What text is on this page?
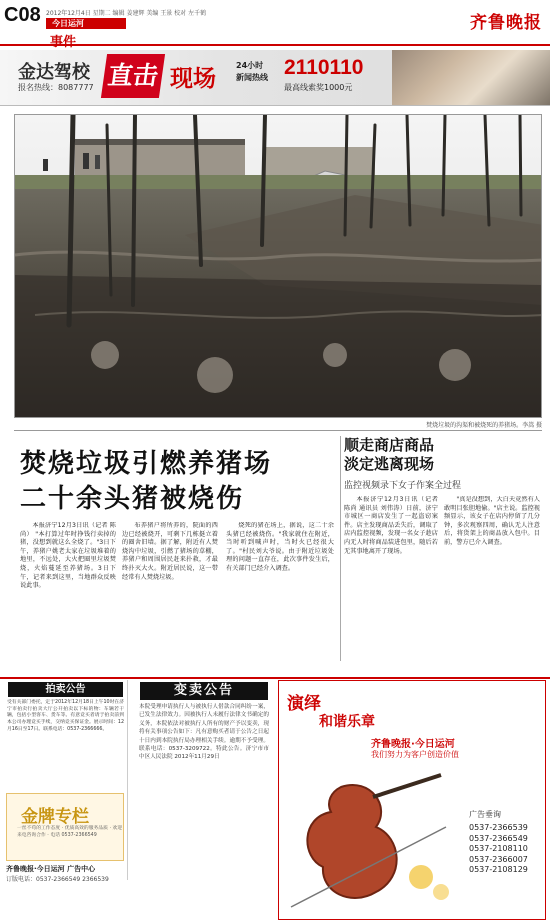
C08 2012年12月4日 星期二 编辑 姜建辉 美编 王景 校对 左千鹤
今日运河
事件
齐鲁晚报
金达驾校
报名热线：8087777 直击 现场
24小时
新闻热线 2110110
最高线索奖1000元
焚烧垃圾的沟渠和被烧死的养猪场。李嵩 摄
焚烧垃圾引燃养猪场
二十余头猪被烧伤
顺走商店商品
淡定逃离现场
监控视频录下女子作案全过程

本报济宁12月3日讯（记者 陈尚） "本打算过年时挣钱行卖掉的猪，没想到就这么全烧了。"3日下午，养猪户姚老太家在垃圾堆着的地里，不远处，大火把圈里垃圾焚烧，火焰蔓延至养猪场。3日下午，记者来到这里，当地群众反映说此事。

布养猪户将所养的，院面的西边已经被烧开，可剩下几栋挺立着的圈舍旧墙。据了解，附近有人焚烧沟中垃圾，引燃了猪场的草棚，养猪户和周围居民赶来扑救，才最终扑灭大火。附近居民说，这一带经常有人焚烧垃圾。

烧死的猪在场上，据说，这二十余头猪已经被烧伤。"我家就住在附近，当时听到喊声时，当时火已经很大了。"村民刘大爷说。由于附近垃圾处理的问题一直存在，此次事件发生后，有关部门已经介入调查。

本报济宁12月3日讯（记者 陈尚 通讯员 刘伟涛）日前，济宁市城区一商店发生了一起盗窃案件。店主发现商品丢失后，调取了店内监控视频，发现一名女子趁店内无人时将商品装进包里，随后若无其事地离开了现场。

"真是没想到，大白天竟然有人敢明目张胆地偷。"店主说。监控视频显示，该女子在店内停留了几分钟，多次观察四周，确认无人注意后，将货架上的商品放入包中。目前，警方已介入调查。

拍卖公告
受有关部门委托，定于2012年12月18日上午10时在济宁市拍卖行拍卖大厅公开拍卖以下标的物：车辆若干辆，包括小型客车、货车等。有意竞买者请于拍卖前到本公司办理竞买手续，交纳竞买保证金。展示时间：12月16日至17日。联系电话：0537-2366666。
金牌专栏
一丝不苟的工作态度 · 优质高效的服务品质 · 欢迎来电咨询合作 · 电话 0537-2366549
齐鲁晚报·今日运河 广告中心
订版电话：0537-2366549 2366539
变卖公告
本院受理申请执行人与被执行人借款合同纠纷一案，已发生法律效力。因被执行人未履行法律文书确定的义务，本院依法对被执行人所有的财产予以变卖，现将有关事项公告如下：凡有意购买者请于公告之日起十日内到本院执行局办理相关手续。逾期不予受理。联系电话：0537-3209722。特此公告。济宁市市中区人民法院 2012年11月29日
演绎
和谐乐章
齐鲁晚报·今日运河
我们努力为客户创造价值
广告垂询
0537-2366539
0537-2366549
0537-2108110
0537-2366007
0537-2108129
